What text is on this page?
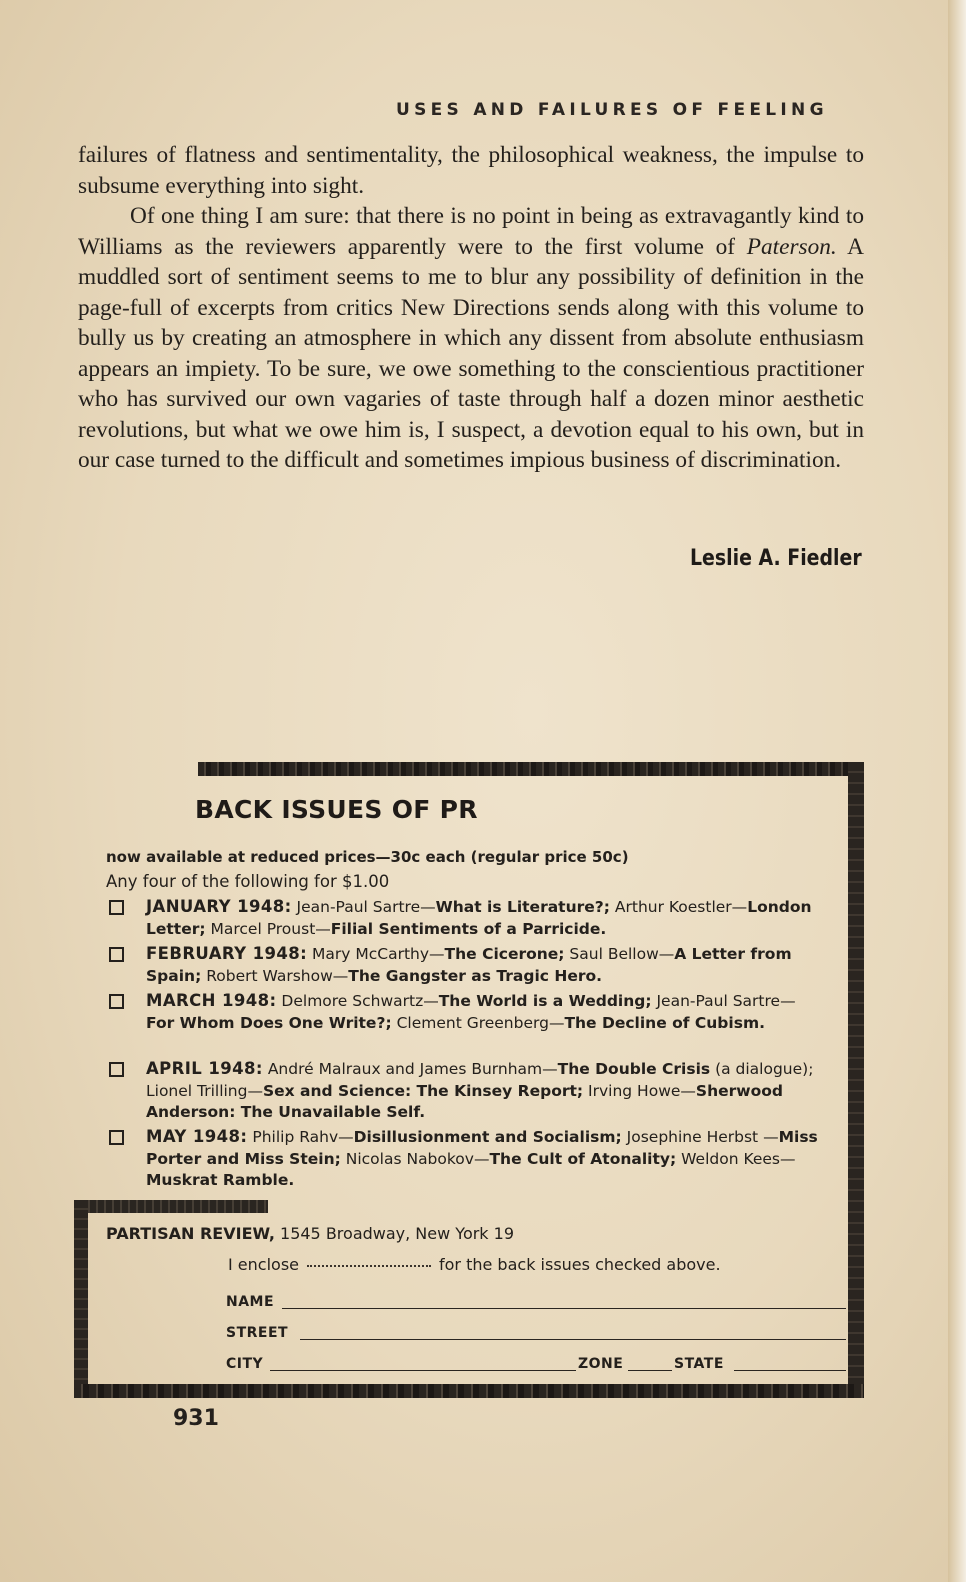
USES AND FAILURES OF FEELING

failures of flatness and sentimentality, the philosophical weakness, the impulse to subsume everything into sight.

Of one thing I am sure: that there is no point in being as extravagantly kind to Williams as the reviewers apparently were to the first volume of Paterson. A muddled sort of sentiment seems to me to blur any possibility of definition in the page-full of excerpts from critics New Directions sends along with this volume to bully us by creating an atmosphere in which any dissent from absolute enthusiasm appears an impiety. To be sure, we owe something to the conscientious practitioner who has survived our own vagaries of taste through half a dozen minor aesthetic revolutions, but what we owe him is, I suspect, a devotion equal to his own, but in our case turned to the difficult and sometimes impious business of discrimination.

Leslie A. Fiedler
BACK ISSUES OF PR
now available at reduced prices—30c each (regular price 50c)
Any four of the following for $1.00
JANUARY 1948: Jean-Paul Sartre—What is Literature?; Arthur Koestler—London Letter; Marcel Proust—Filial Sentiments of a Parricide.
FEBRUARY 1948: Mary McCarthy—The Cicerone; Saul Bellow—A Letter from Spain; Robert Warshow—The Gangster as Tragic Hero.
MARCH 1948: Delmore Schwartz—The World is a Wedding; Jean-Paul Sartre—For Whom Does One Write?; Clement Greenberg—The Decline of Cubism.
APRIL 1948: André Malraux and James Burnham—The Double Crisis (a dialogue); Lionel Trilling—Sex and Science: The Kinsey Report; Irving Howe—Sherwood Anderson: The Unavailable Self.
MAY 1948: Philip Rahv—Disillusionment and Socialism; Josephine Herbst —Miss Porter and Miss Stein; Nicolas Nabokov—The Cult of Atonality; Weldon Kees—Muskrat Ramble.
PARTISAN REVIEW, 1545 Broadway, New York 19
I enclose	for the back issues checked above.
NAME
STREET
CITY	ZONE	STATE
931
